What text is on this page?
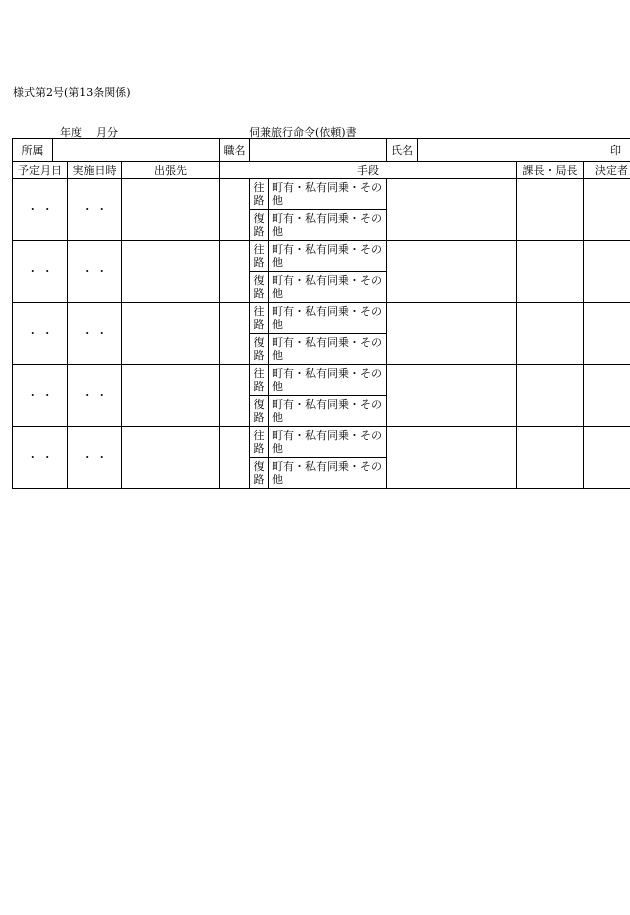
様式第2号(第13条関係)
年度 月分	伺兼旅行命令(依頼)書
所属				職名			氏名	印		
予定月日		実施日時	出張先	手段					課長・局長	決定者
・ ・		・ ・			往路	町有・私有同乗・その他				
					復路	町有・私有同乗・その他				
・ ・		・ ・			往路	町有・私有同乗・その他				
					復路	町有・私有同乗・その他				
・ ・		・ ・			往路	町有・私有同乗・その他				
					復路	町有・私有同乗・その他				
・ ・		・ ・			往路	町有・私有同乗・その他				
					復路	町有・私有同乗・その他				
・ ・		・ ・			往路	町有・私有同乗・その他				
					復路	町有・私有同乗・その他				
